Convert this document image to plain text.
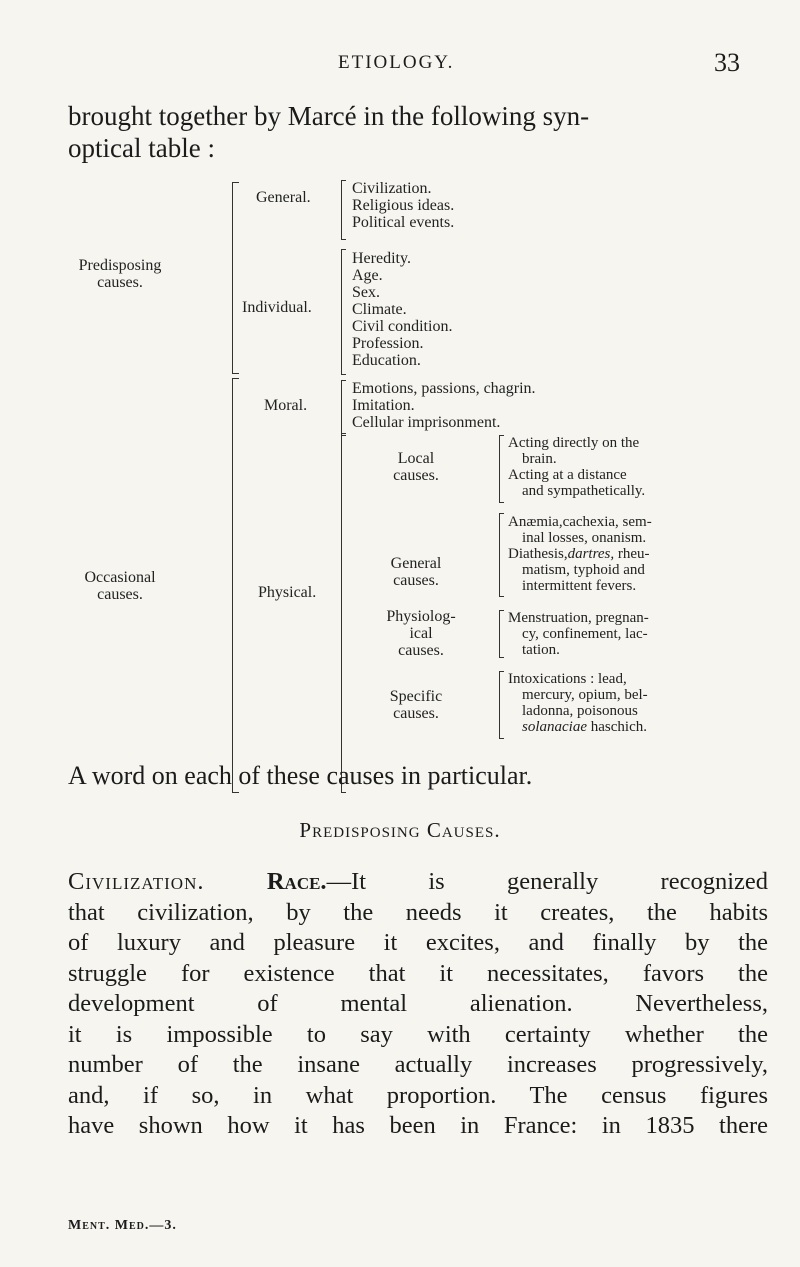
ETIOLOGY.	33
brought together by Marcé in the following syn-
optical table :
Predisposing
causes.
General.
Civilization.
Religious ideas.
Political events.
Individual.
Heredity.
Age.
Sex.
Climate.
Civil condition.
Profession.
Education.
Occasional
causes.
Moral.
Emotions, passions, chagrin.
Imitation.
Cellular imprisonment.
Physical.
Local
causes.
Acting directly on the
brain.
Acting at a distance
and sympathetically.
General
causes.
Anæmia,cachexia, sem-
inal losses, onanism.
Diathesis,dartres, rheu-
matism, typhoid and
intermittent fevers.
Physiolog-
ical
causes.
Menstruation, pregnan-
cy, confinement, lac-
tation.
Specific
causes.
Intoxications : lead,
mercury, opium, bel-
ladonna, poisonous
solanaciae haschich.
A word on each of these causes in particular.
Predisposing Causes.
Civilization.	Race.—It is generally recognized
that civilization, by the needs it creates, the habits
of luxury and pleasure it excites, and finally by the
struggle for existence that it necessitates, favors the
development of mental alienation. Nevertheless,
it is impossible to say with certainty whether the
number of the insane actually increases progressively,
and, if so, in what proportion. The census figures
have shown how it has been in France: in 1835 there
Ment. Med.—3.
